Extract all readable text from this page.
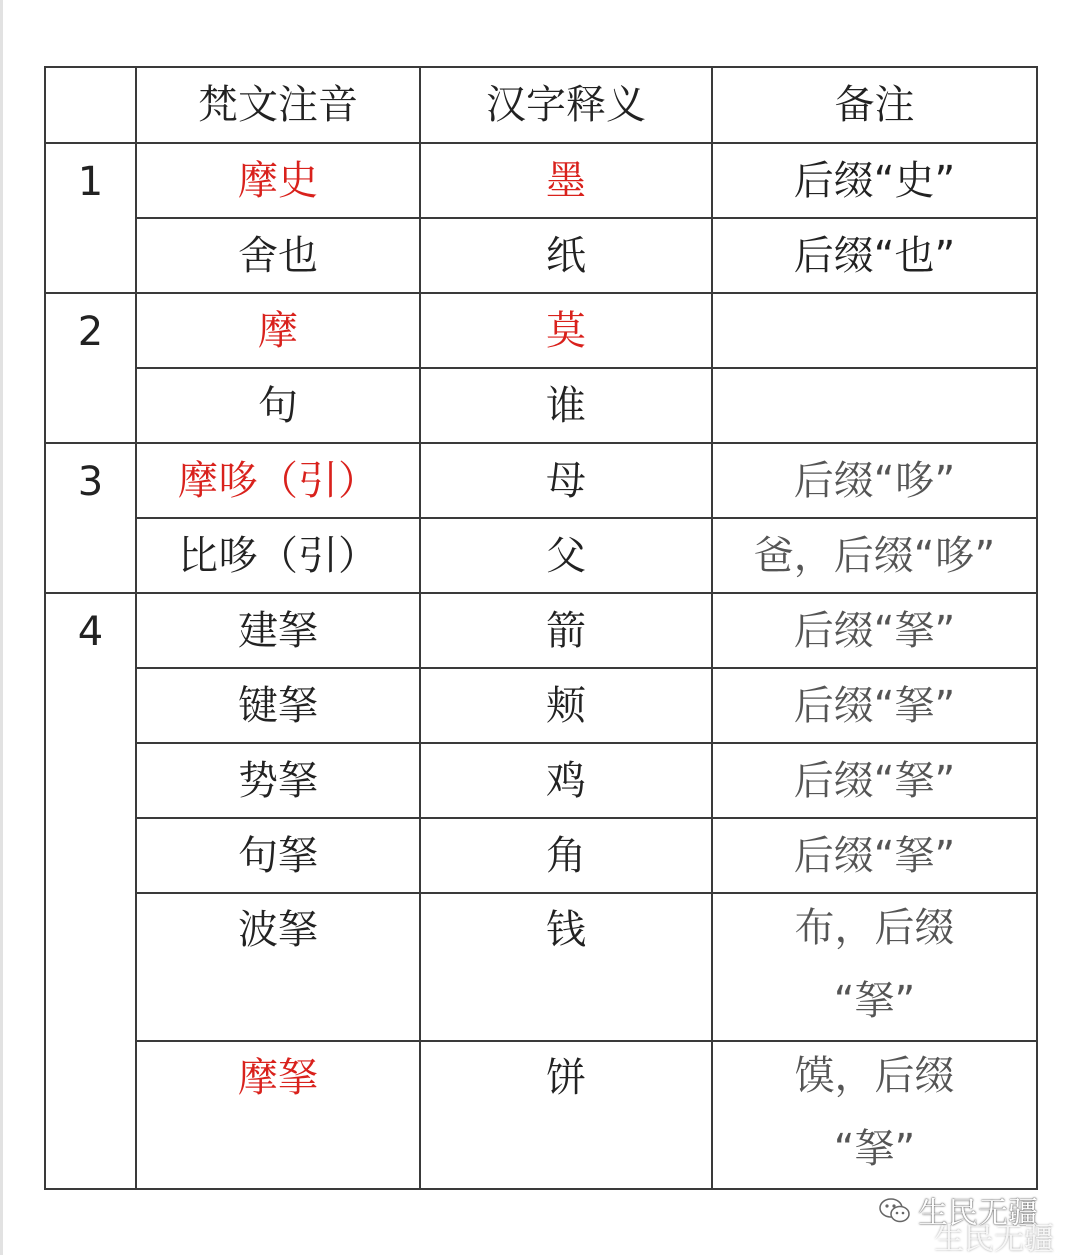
	梵文注音	汉字释义	备注

1	摩史	墨	后缀“史”
	舍也	纸	后缀“也”

2	摩	莫	
	句	谁	

3	摩哆（引）	母	后缀“哆”
	比哆（引）	父	爸，后缀“哆”

4	建拏	箭	后缀“拏”
	键拏	颊	后缀“拏”
	势拏	鸡	后缀“拏”
	句拏	角	后缀“拏”

	波拏	钱	布，后缀
“拏”

	摩拏	饼	馍，后缀
“拏”
生民无疆
生民无疆
